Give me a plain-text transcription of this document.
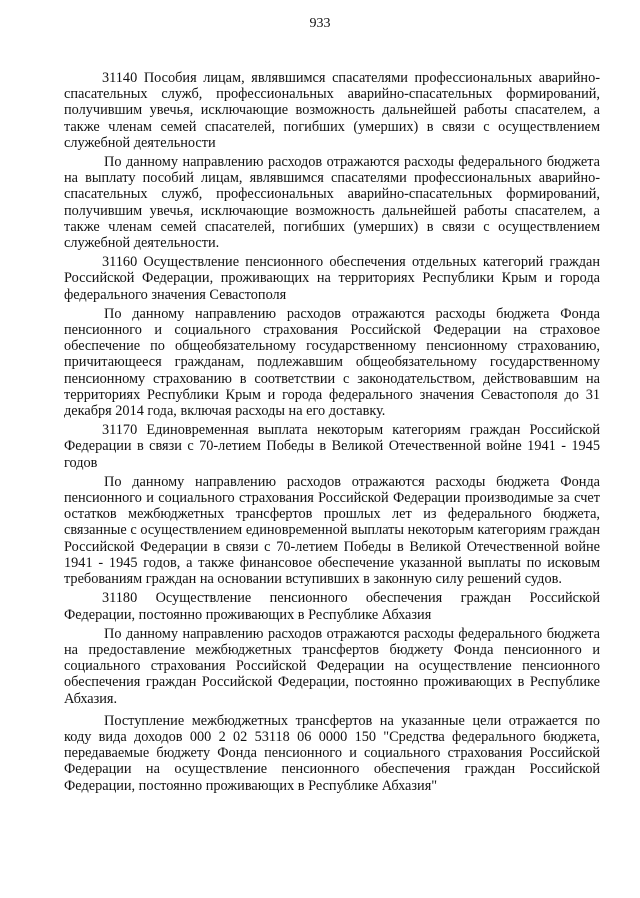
933

31140 Пособия лицам, являвшимся спасателями профессиональных аварийно-спасательных служб, профессиональных аварийно-спасательных формирований, получившим увечья, исключающие возможность дальнейшей работы спасателем, а также членам семей спасателей, погибших (умерших) в связи с осуществлением служебной деятельности

По данному направлению расходов отражаются расходы федерального бюджета на выплату пособий лицам, являвшимся спасателями профессиональных аварийно-спасательных служб, профессиональных аварийно-спасательных формирований, получившим увечья, исключающие возможность дальнейшей работы спасателем, а также членам семей спасателей, погибших (умерших) в связи с осуществлением служебной деятельности.

31160 Осуществление пенсионного обеспечения отдельных категорий граждан Российской Федерации, проживающих на территориях Республики Крым и города федерального значения Севастополя

По данному направлению расходов отражаются расходы бюджета Фонда пенсионного и социального страхования Российской Федерации на страховое обеспечение по общеобязательному государственному пенсионному страхованию, причитающееся гражданам, подлежавшим общеобязательному государственному пенсионному страхованию в соответствии с законодательством, действовавшим на территориях Республики Крым и города федерального значения Севастополя до 31 декабря 2014 года, включая расходы на его доставку.

31170 Единовременная выплата некоторым категориям граждан Российской Федерации в связи с 70-летием Победы в Великой Отечественной войне 1941 - 1945 годов

По данному направлению расходов отражаются расходы бюджета Фонда пенсионного и социального страхования Российской Федерации производимые за счет остатков межбюджетных трансфертов прошлых лет из федерального бюджета, связанные с осуществлением единовременной выплаты некоторым категориям граждан Российской Федерации в связи с 70-летием Победы в Великой Отечественной войне 1941 - 1945 годов, а также финансовое обеспечение указанной выплаты по исковым требованиям граждан на основании вступивших в законную силу решений судов.

31180 Осуществление пенсионного обеспечения граждан Российской Федерации, постоянно проживающих в Республике Абхазия

По данному направлению расходов отражаются расходы федерального бюджета на предоставление межбюджетных трансфертов бюджету Фонда пенсионного и социального страхования Российской Федерации на осуществление пенсионного обеспечения граждан Российской Федерации, постоянно проживающих в Республике Абхазия.

Поступление межбюджетных трансфертов на указанные цели отражается по коду вида доходов 000 2 02 53118 06 0000 150 "Средства федерального бюджета, передаваемые бюджету Фонда пенсионного и социального страхования Российской Федерации на осуществление пенсионного обеспечения граждан Российской Федерации, постоянно проживающих в Республике Абхазия"
